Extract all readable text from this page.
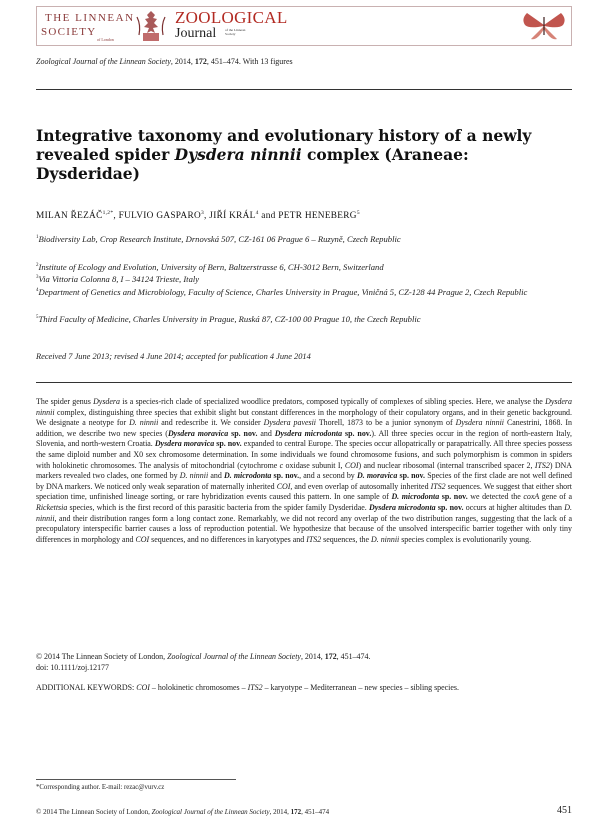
THE LINNEAN
SOCIETY
of London
ZOOLOGICAL
Journal	of the Linnean Society
Zoological Journal of the Linnean Society, 2014, 172, 451–474. With 13 figures
Integrative taxonomy and evolutionary history of a newly revealed spider Dysdera ninnii complex (Araneae: Dysderidae)
MILAN $ŘEZÁČ^{1,2*}$, FULVIO GASPARO$^3$, JIŘÍ KRÁL$^4$ and PETR HENEBERG$^5$
$^1$Biodiversity Lab, Crop Research Institute, Drnovská 507, CZ-161 06 Prague 6 – Ruzyně, Czech Republic
$^2$Institute of Ecology and Evolution, University of Bern, Baltzerstrasse 6, CH-3012 Bern, Switzerland
$^3$Via Vittoria Colonna 8, I – 34124 Trieste, Italy
$^4$Department of Genetics and Microbiology, Faculty of Science, Charles University in Prague, Viničná 5, CZ-128 44 Prague 2, Czech Republic
$^5$Third Faculty of Medicine, Charles University in Prague, Ruská 87, CZ-100 00 Prague 10, the Czech Republic
Received 7 June 2013; revised 4 June 2014; accepted for publication 4 June 2014
The spider genus Dysdera is a species-rich clade of specialized woodlice predators, composed typically of complexes of sibling species. Here, we analyse the Dysdera ninnii complex, distinguishing three species that exhibit slight but constant differences in the morphology of their copulatory organs, and in their genetic background. We designate a neotype for D. ninnii and redescribe it. We consider Dysdera pavesii Thorell, 1873 to be a junior synonym of Dysdera ninnii Canestrini, 1868. In addition, we describe two new species (Dysdera moravica sp. nov. and Dysdera microdonta sp. nov.). All three species occur in the region of north-eastern Italy, Slovenia, and north-western Croatia. Dysdera moravica sp. nov. expanded to central Europe. The species occur allopatrically or parapatrically. All three species possess the same diploid number and X0 sex chromosome determination. In some individuals we found chromosome fusions, and such polymorphism is common in spiders with holokinetic chromosomes. The analysis of mitochondrial (cytochrome c oxidase subunit I, COI) and nuclear ribosomal (internal transcribed spacer 2, ITS2) DNA markers revealed two clades, one formed by D. ninnii and D. microdonta sp. nov., and a second by D. moravica sp. nov. Species of the first clade are not well defined by DNA markers. We noticed only weak separation of maternally inherited COI, and even overlap of autosomally inherited ITS2 sequences. We suggest that either short speciation time, unfinished lineage sorting, or rare hybridization events caused this pattern. In one sample of D. microdonta sp. nov. we detected the coxA gene of a Rickettsia species, which is the first record of this parasitic bacteria from the spider family Dysderidae. Dysdera microdonta sp. nov. occurs at higher altitudes than D. ninnii, and their distribution ranges form a long contact zone. Remarkably, we did not record any overlap of the two distribution ranges, suggesting that the lack of a precopulatory interspecific barrier causes a loss of reproduction potential. We hypothesize that because of the unsolved interspecific barrier together with only tiny differences in morphology and COI sequences, and no differences in karyotypes and ITS2 sequences, the D. ninnii species complex is evolutionarily young.
© 2014 The Linnean Society of London, Zoological Journal of the Linnean Society, 2014, 172, 451–474.
doi: 10.1111/zoj.12177
ADDITIONAL KEYWORDS: COI – holokinetic chromosomes – ITS2 – karyotype – Mediterranean – new species – sibling species.
*Corresponding author. E-mail: rezac@vurv.cz
© 2014 The Linnean Society of London, Zoological Journal of the Linnean Society, 2014, 172, 451–474	451
